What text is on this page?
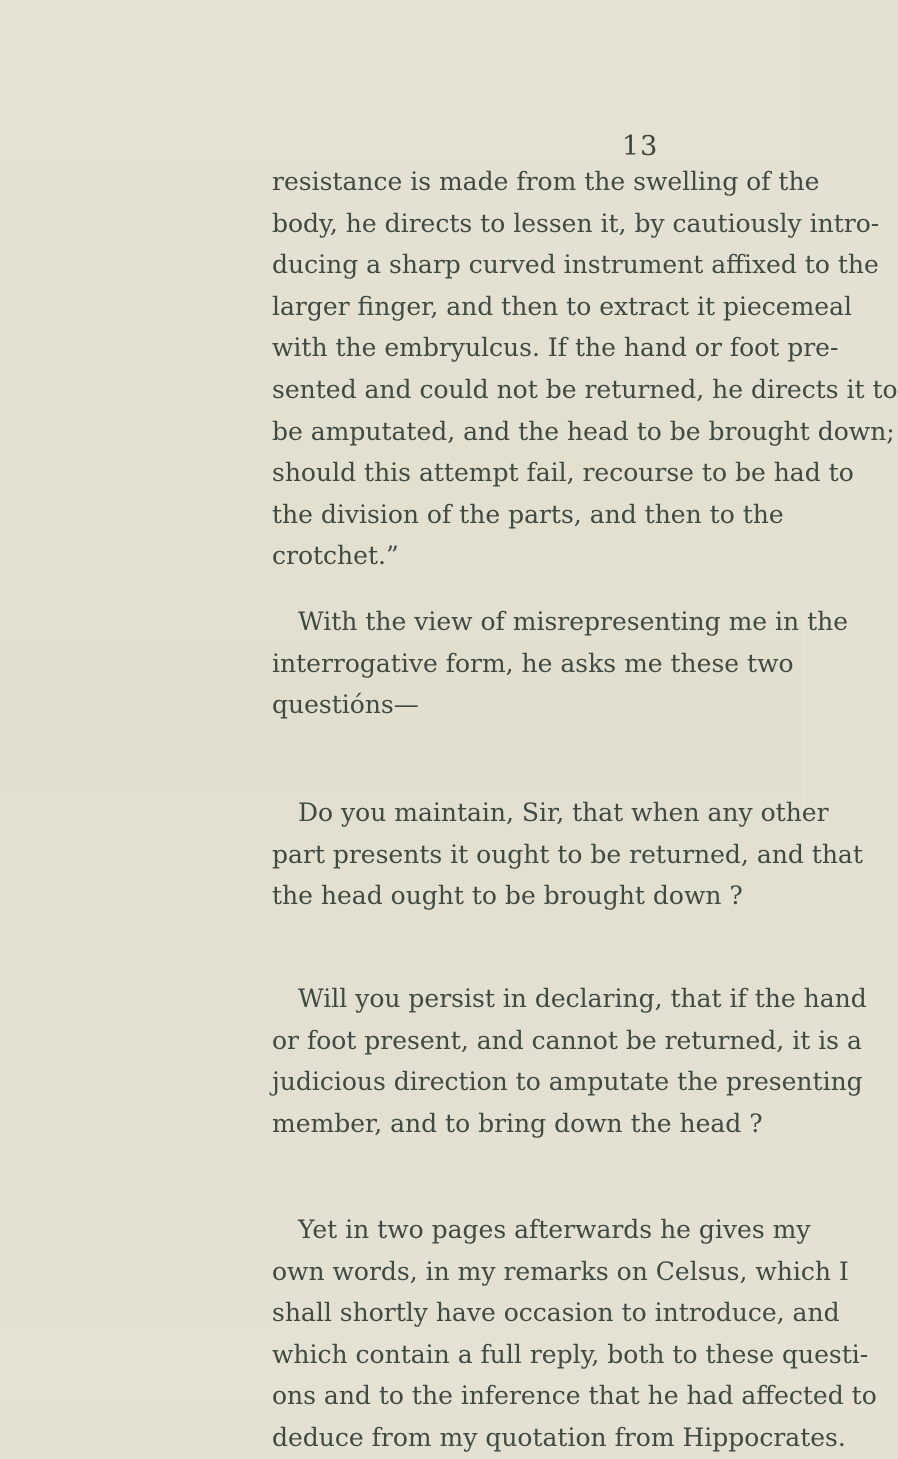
13
resistance is made from the swelling of the
body, he directs to lessen it, by cautiously intro-
ducing a sharp curved instrument affixed to the
larger finger, and then to extract it piecemeal
with the embryulcus. If the hand or foot pre-
sented and could not be returned, he directs it to
be amputated, and the head to be brought down;
should this attempt fail, recourse to be had to
the division of the parts, and then to the
crotchet.”
With the view of misrepresenting me in the
interrogative form, he asks me these two
questións—
Do you maintain, Sir, that when any other
part presents it ought to be returned, and that
the head ought to be brought down ?
Will you persist in declaring, that if the hand
or foot present, and cannot be returned, it is a
judicious direction to amputate the presenting
member, and to bring down the head ?
Yet in two pages afterwards he gives my
own words, in my remarks on Celsus, which I
shall shortly have occasion to introduce, and
which contain a full reply, both to these questi-
ons and to the inference that he had affected to
deduce from my quotation from Hippocrates.
